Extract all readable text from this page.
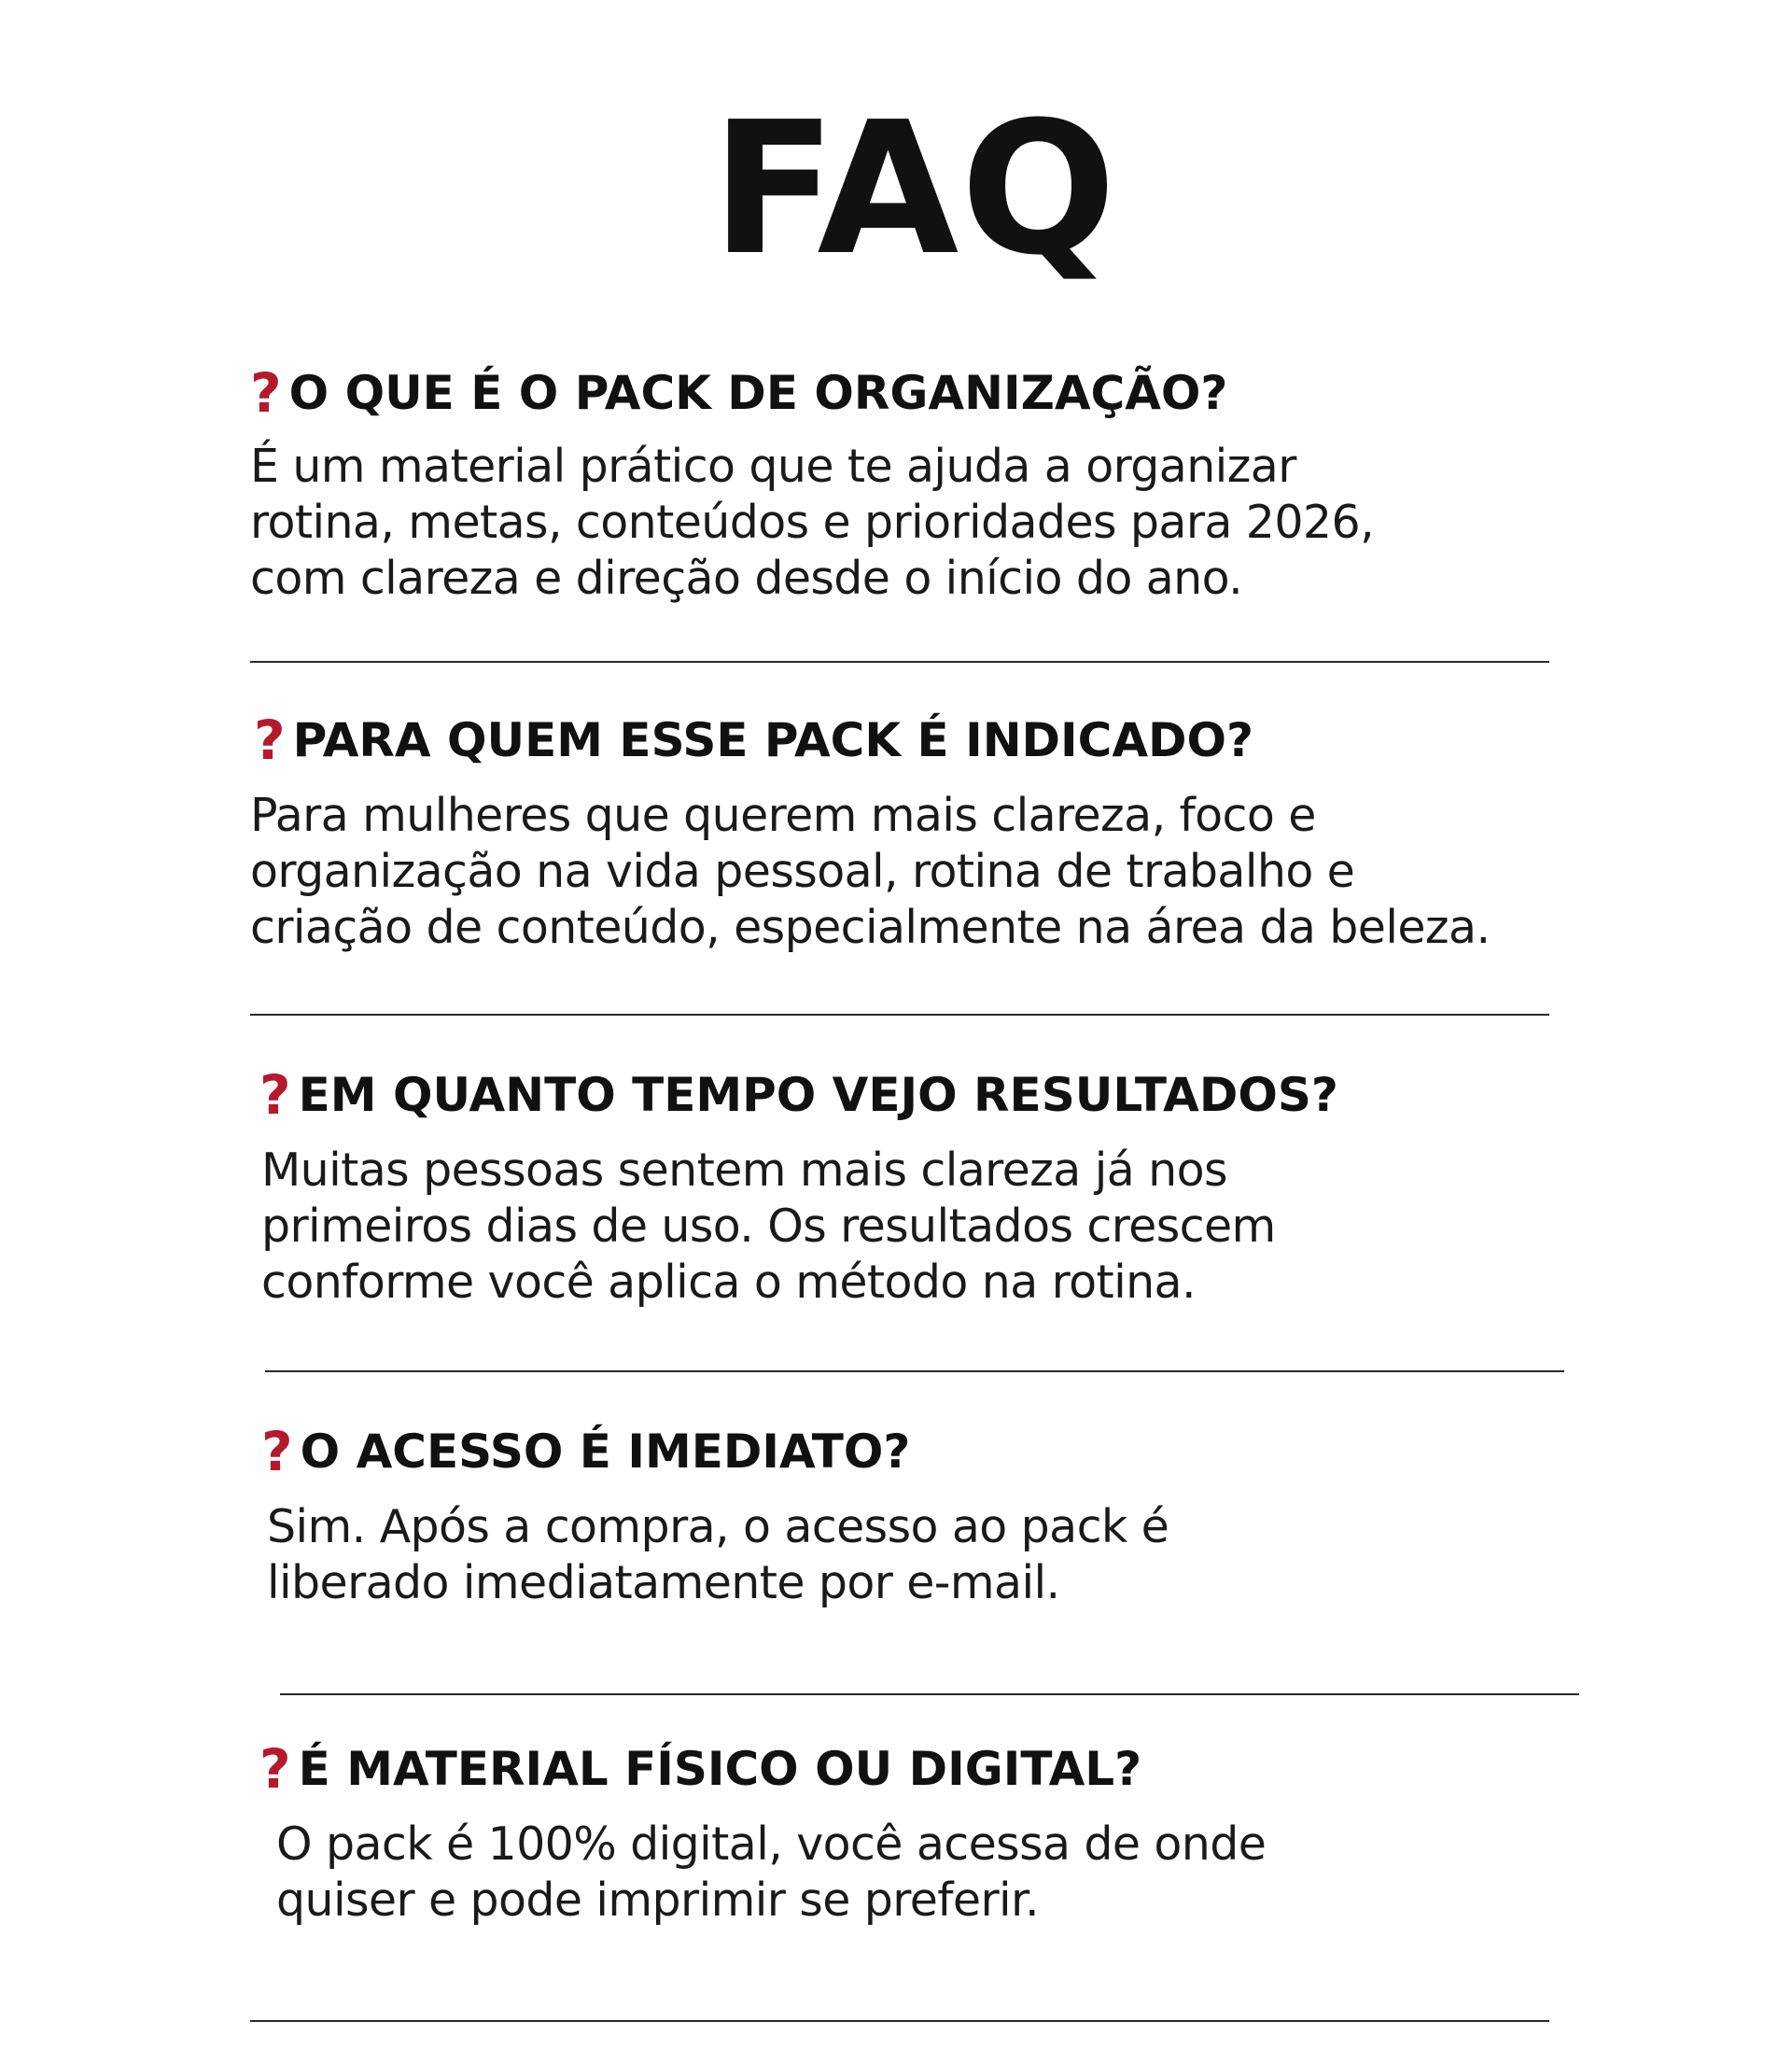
FAQ
? O QUE É O PACK DE ORGANIZAÇÃO?
É um material prático que te ajuda a organizar
rotina, metas, conteúdos e prioridades para 2026,
com clareza e direção desde o início do ano.
? PARA QUEM ESSE PACK É INDICADO?
Para mulheres que querem mais clareza, foco e
organização na vida pessoal, rotina de trabalho e
criação de conteúdo, especialmente na área da beleza.
? EM QUANTO TEMPO VEJO RESULTADOS?
Muitas pessoas sentem mais clareza já nos
primeiros dias de uso. Os resultados crescem
conforme você aplica o método na rotina.
? O ACESSO É IMEDIATO?
Sim. Após a compra, o acesso ao pack é
liberado imediatamente por e-mail.
? É MATERIAL FÍSICO OU DIGITAL?
O pack é 100% digital, você acessa de onde
quiser e pode imprimir se preferir.
